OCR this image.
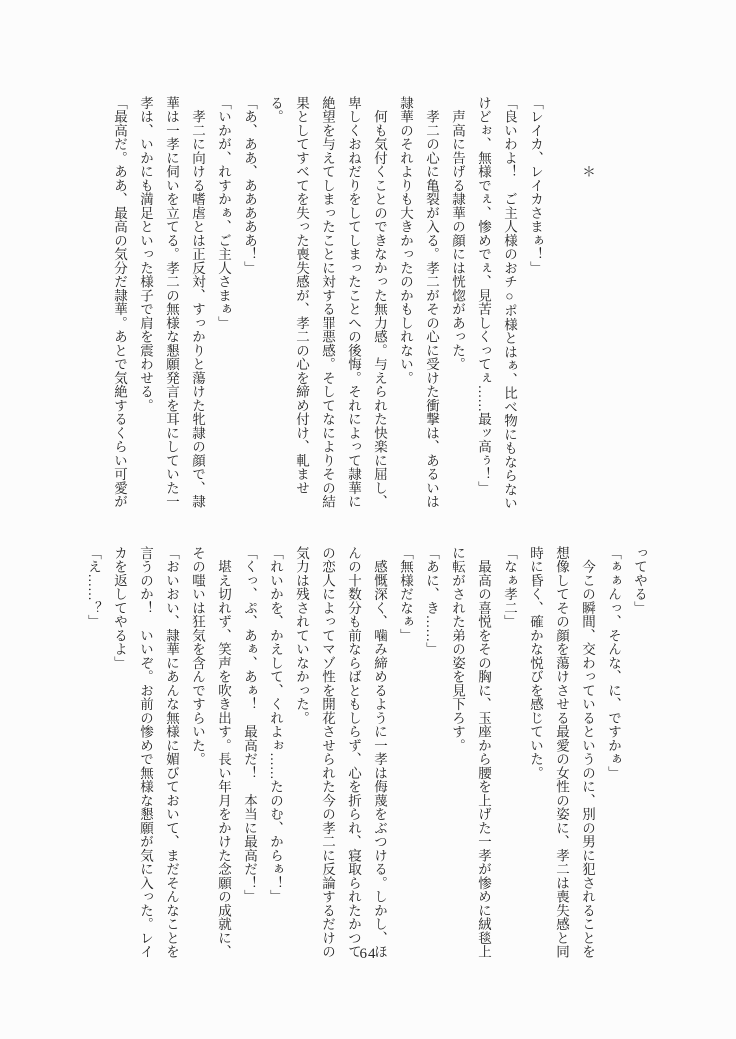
　　　　　＊

「レイカ、レイカさまぁ！」
「良いわよ！　ご主人様のおチ○ポ様とはぁ、比べ物にもならない
けどぉ、無様でぇ、惨めでぇ、見苦しくってぇ……最ッ高ぅ！」
　声高に告げる隷華の顔には恍惚があった。
　孝二の心に亀裂が入る。孝二がその心に受けた衝撃は、あるいは
隷華のそれよりも大きかったのかもしれない。
　何も気付くことのできなかった無力感。与えられた快楽に屈し、
卑しくおねだりをしてしまったことへの後悔。それによって隷華に
絶望を与えてしまったことに対する罪悪感。そしてなによりその結
果としてすべてを失った喪失感が、孝二の心を締め付け、軋ませ
る。
「あ、ああ、あああああ！」
「いかが、れすかぁ、ご主人さまぁ」
　孝二に向ける嗜虐とは正反対、すっかりと蕩けた牝隷の顔で、隷
華は一孝に伺いを立てる。孝二の無様な懇願発言を耳にしていた一
孝は、いかにも満足といった様子で肩を震わせる。
「最高だ。ああ、最高の気分だ隷華。あとで気絶するくらい可愛が
ってやる」
「ぁぁんっ、そんな、に、ですかぁ」
　今この瞬間、交わっているというのに、別の男に犯されることを
想像してその顔を蕩けさせる最愛の女性の姿に、孝二は喪失感と同
時に昏く、確かな悦びを感じていた。
「なぁ孝二」
　最高の喜悦をその胸に、玉座から腰を上げた一孝が惨めに絨毯上
に転がされた弟の姿を見下ろす。
「あに、き……」
「無様だなぁ」
　感慨深く、噛み締めるように一孝は侮蔑をぶつける。しかし、ほ
んの十数分も前ならばともしらず、心を折られ、寝取られたかつて
の恋人によってマゾ性を開花させられた今の孝二に反論するだけの
気力は残されていなかった。
「れいかを、かえして、くれよぉ……たのむ、からぁ！」
「くっ、ぷ、あぁ、あぁ！　最高だ！　本当に最高だ！」
　堪え切れず、笑声を吹き出す。長い年月をかけた念願の成就に、
その嗤いは狂気を含んですらいた。
「おいおい、隷華にあんな無様に媚びておいて、まだそんなことを
言うのか！　いいぞ。お前の惨めで無様な懇願が気に入った。レイ
カを返してやるよ」
「え……？」
64
